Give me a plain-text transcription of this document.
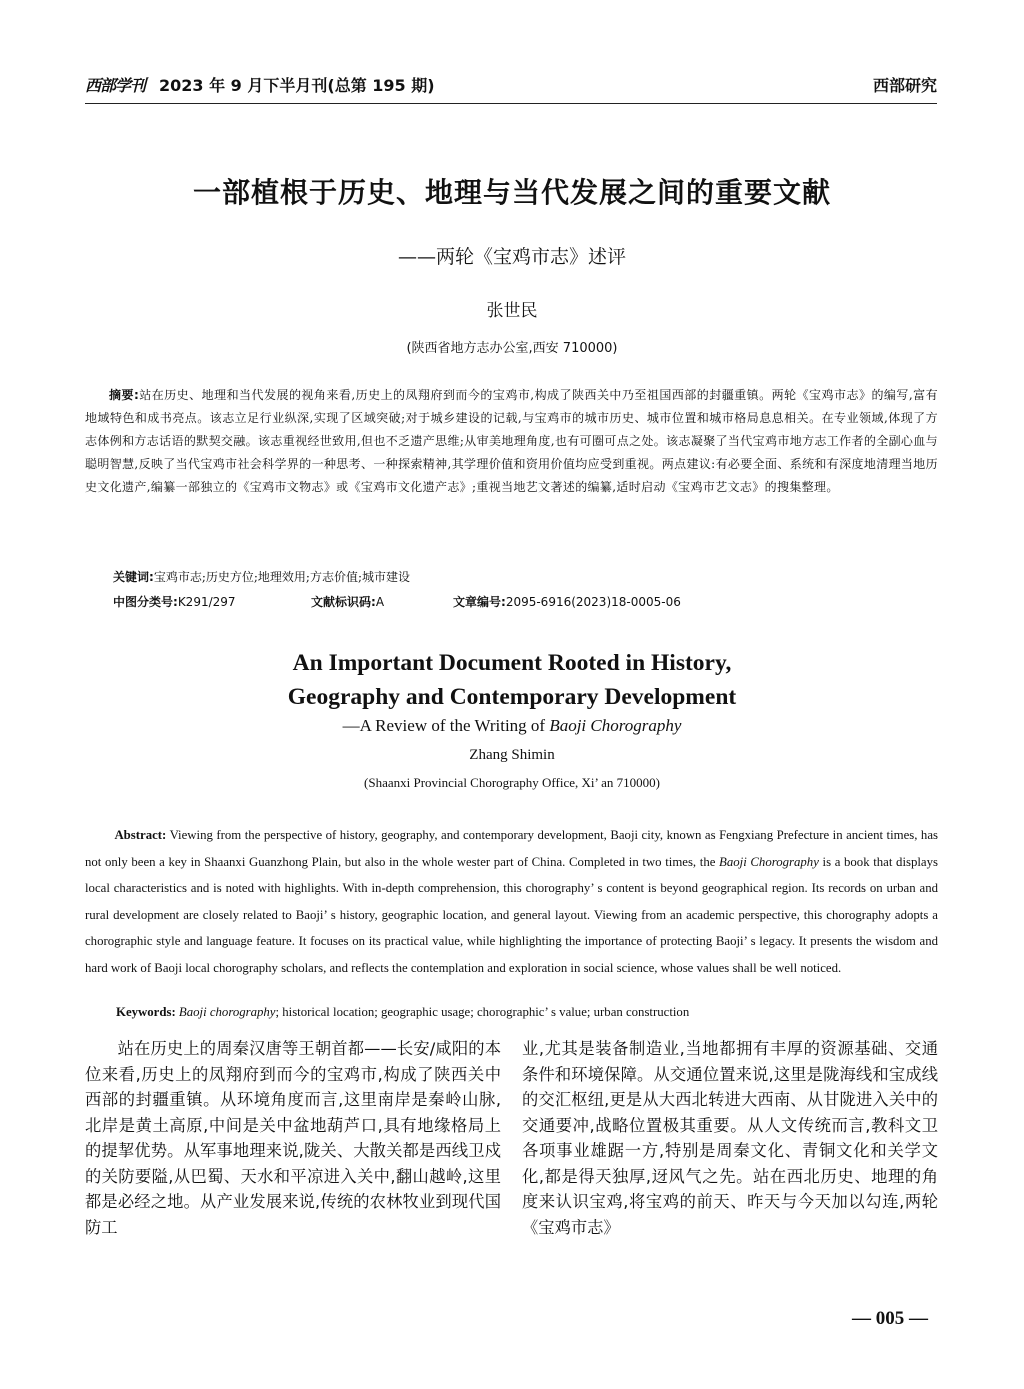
西部学刊 2023 年 9 月下半月刊(总第 195 期)	西部研究
一部植根于历史、地理与当代发展之间的重要文献
——两轮《宝鸡市志》述评
张世民
(陕西省地方志办公室,西安 710000)
摘要:站在历史、地理和当代发展的视角来看,历史上的凤翔府到而今的宝鸡市,构成了陕西关中乃至祖国西部的封疆重镇。两轮《宝鸡市志》的编写,富有地域特色和成书亮点。该志立足行业纵深,实现了区域突破;对于城乡建设的记载,与宝鸡市的城市历史、城市位置和城市格局息息相关。在专业领域,体现了方志体例和方志话语的默契交融。该志重视经世致用,但也不乏遗产思维;从审美地理角度,也有可圈可点之处。该志凝聚了当代宝鸡市地方志工作者的全副心血与聪明智慧,反映了当代宝鸡市社会科学界的一种思考、一种探索精神,其学理价值和资用价值均应受到重视。两点建议:有必要全面、系统和有深度地清理当地历史文化遗产,编纂一部独立的《宝鸡市文物志》或《宝鸡市文化遗产志》;重视当地艺文著述的编纂,适时启动《宝鸡市艺文志》的搜集整理。
关键词:宝鸡市志;历史方位;地理效用;方志价值;城市建设
中图分类号:K291/297	文献标识码:A	文章编号:2095-6916(2023)18-0005-06
An Important Document Rooted in History,
Geography and Contemporary Development
—A Review of the Writing of Baoji Chorography
Zhang Shimin
(Shaanxi Provincial Chorography Office, Xi’ an 710000)
Abstract: Viewing from the perspective of history, geography, and contemporary development, Baoji city, known as Fengxiang Prefecture in ancient times, has not only been a key in Shaanxi Guanzhong Plain, but also in the whole wester part of China. Completed in two times, the Baoji Chorography is a book that displays local characteristics and is noted with highlights. With in-depth comprehension, this chorography’ s content is beyond geographical region. Its records on urban and rural development are closely related to Baoji’ s history, geographic location, and general layout. Viewing from an academic perspective, this chorography adopts a chorographic style and language feature. It focuses on its practical value, while highlighting the importance of protecting Baoji’ s legacy. It presents the wisdom and hard work of Baoji local chorography scholars, and reflects the contemplation and exploration in social science, whose values shall be well noticed.
Keywords: Baoji chorography; historical location; geographic usage; chorographic’ s value; urban construction
站在历史上的周秦汉唐等王朝首都——长安/咸阳的本位来看,历史上的凤翔府到而今的宝鸡市,构成了陕西关中西部的封疆重镇。从环境角度而言,这里南岸是秦岭山脉,北岸是黄土高原,中间是关中盆地葫芦口,具有地缘格局上的提挈优势。从军事地理来说,陇关、大散关都是西线卫戍的关防要隘,从巴蜀、天水和平凉进入关中,翻山越岭,这里都是必经之地。从产业发展来说,传统的农林牧业到现代国防工
业,尤其是装备制造业,当地都拥有丰厚的资源基础、交通条件和环境保障。从交通位置来说,这里是陇海线和宝成线的交汇枢纽,更是从大西北转进大西南、从甘陇进入关中的交通要冲,战略位置极其重要。从人文传统而言,教科文卫各项事业雄踞一方,特别是周秦文化、青铜文化和关学文化,都是得天独厚,迓风气之先。站在西北历史、地理的角度来认识宝鸡,将宝鸡的前天、昨天与今天加以勾连,两轮《宝鸡市志》
— 005 —
